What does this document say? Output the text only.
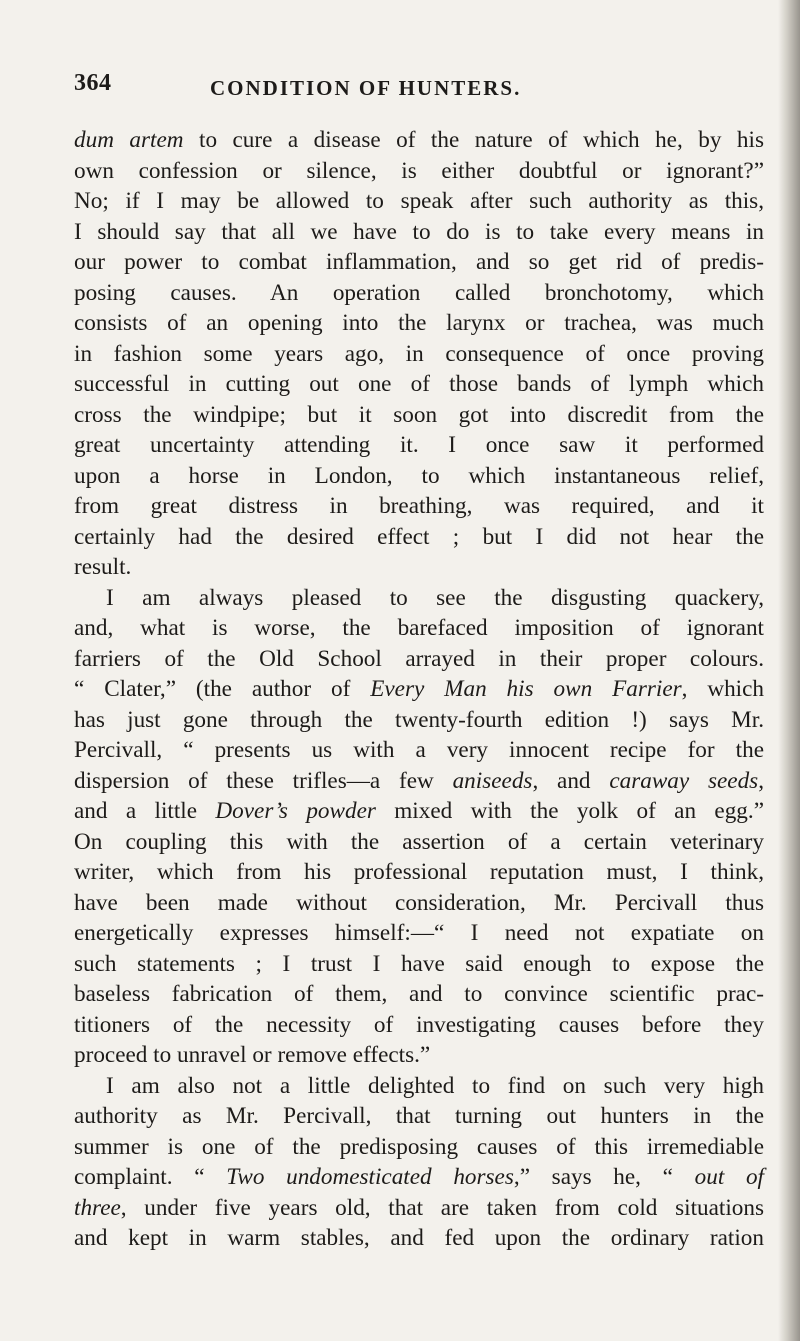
364	CONDITION OF HUNTERS.
dum artem to cure a disease of the nature of which he, by his
own confession or silence, is either doubtful or ignorant?”
No; if I may be allowed to speak after such authority as this,
I should say that all we have to do is to take every means in
our power to combat inflammation, and so get rid of predis-
posing causes. An operation called bronchotomy, which
consists of an opening into the larynx or trachea, was much
in fashion some years ago, in consequence of once proving
successful in cutting out one of those bands of lymph which
cross the windpipe; but it soon got into discredit from the
great uncertainty attending it. I once saw it performed
upon a horse in London, to which instantaneous relief,
from great distress in breathing, was required, and it
certainly had the desired effect ; but I did not hear the
result.
I am always pleased to see the disgusting quackery,
and, what is worse, the barefaced imposition of ignorant
farriers of the Old School arrayed in their proper colours.
“ Clater,” (the author of Every Man his own Farrier, which
has just gone through the twenty-fourth edition !) says Mr.
Percivall, “ presents us with a very innocent recipe for the
dispersion of these trifles—a few aniseeds, and caraway seeds,
and a little Dover’s powder mixed with the yolk of an egg.”
On coupling this with the assertion of a certain veterinary
writer, which from his professional reputation must, I think,
have been made without consideration, Mr. Percivall thus
energetically expresses himself:—“ I need not expatiate on
such statements ; I trust I have said enough to expose the
baseless fabrication of them, and to convince scientific prac-
titioners of the necessity of investigating causes before they
proceed to unravel or remove effects.”
I am also not a little delighted to find on such very high
authority as Mr. Percivall, that turning out hunters in the
summer is one of the predisposing causes of this irremediable
complaint. “ Two undomesticated horses,” says he, “ out of
three, under five years old, that are taken from cold situations
and kept in warm stables, and fed upon the ordinary ration
